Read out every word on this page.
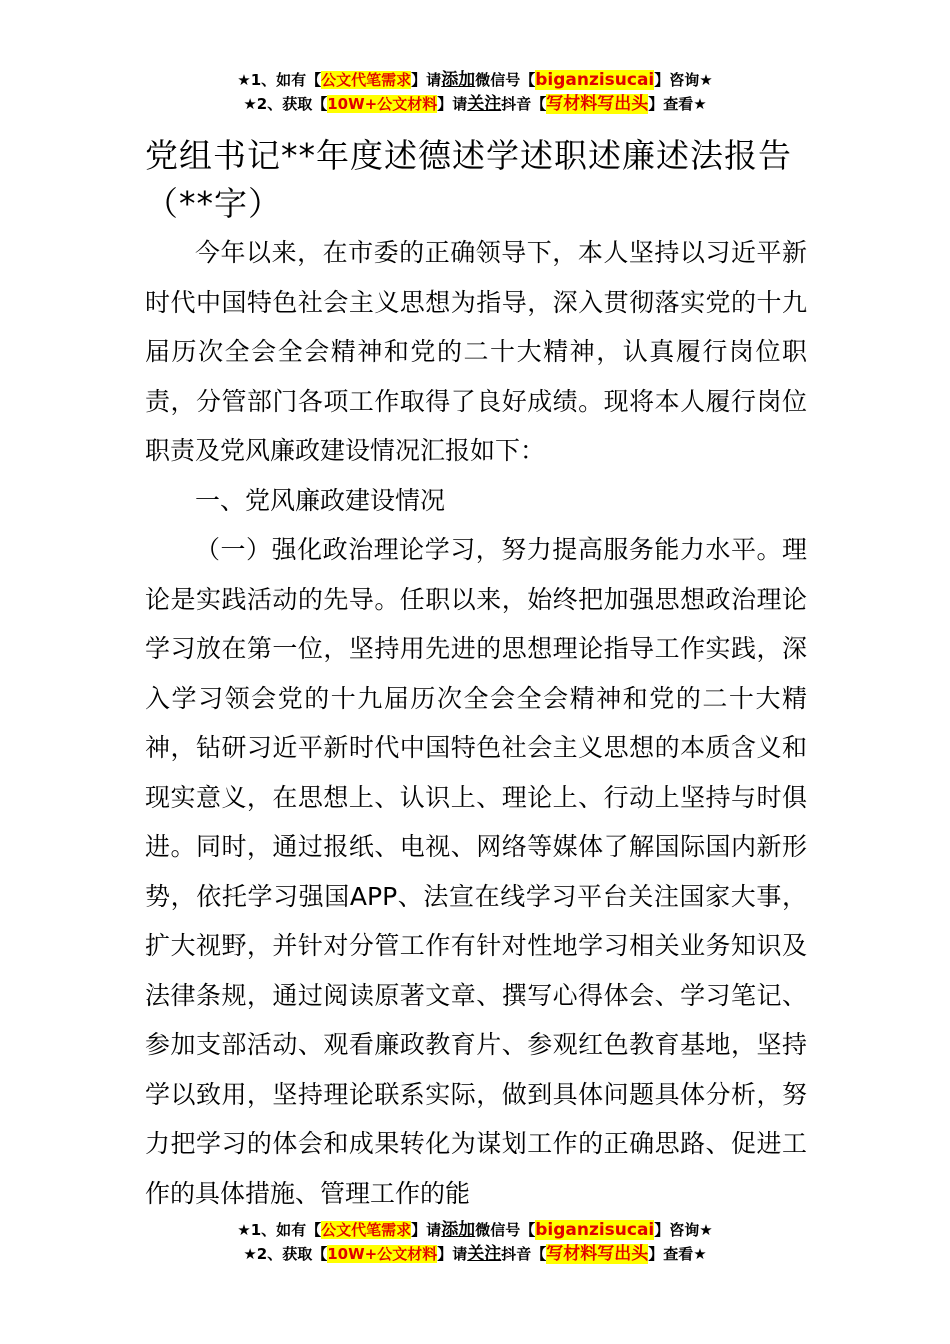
★1、如有【公文代笔需求】请添加微信号【biganzisucai】咨询★
★2、获取【10W+公文材料】请关注抖音【写材料写出头】查看★
党组书记**年度述德述学述职述廉述法报告（**字）

今年以来，在市委的正确领导下，本人坚持以习近平新时代中国特色社会主义思想为指导，深入贯彻落实党的十九届历次全会全会精神和党的二十大精神，认真履行岗位职责，分管部门各项工作取得了良好成绩。现将本人履行岗位职责及党风廉政建设情况汇报如下：

一、党风廉政建设情况

（一）强化政治理论学习，努力提高服务能力水平。理论是实践活动的先导。任职以来，始终把加强思想政治理论学习放在第一位，坚持用先进的思想理论指导工作实践，深入学习领会党的十九届历次全会全会精神和党的二十大精神，钻研习近平新时代中国特色社会主义思想的本质含义和现实意义，在思想上、认识上、理论上、行动上坚持与时俱进。同时，通过报纸、电视、网络等媒体了解国际国内新形势，依托学习强国APP、法宣在线学习平台关注国家大事，扩大视野，并针对分管工作有针对性地学习相关业务知识及法律条规，通过阅读原著文章、撰写心得体会、学习笔记、参加支部活动、观看廉政教育片、参观红色教育基地，坚持学以致用，坚持理论联系实际，做到具体问题具体分析，努力把学习的体会和成果转化为谋划工作的正确思路、促进工作的具体措施、管理工作的能

★1、如有【公文代笔需求】请添加微信号【biganzisucai】咨询★
★2、获取【10W+公文材料】请关注抖音【写材料写出头】查看★
